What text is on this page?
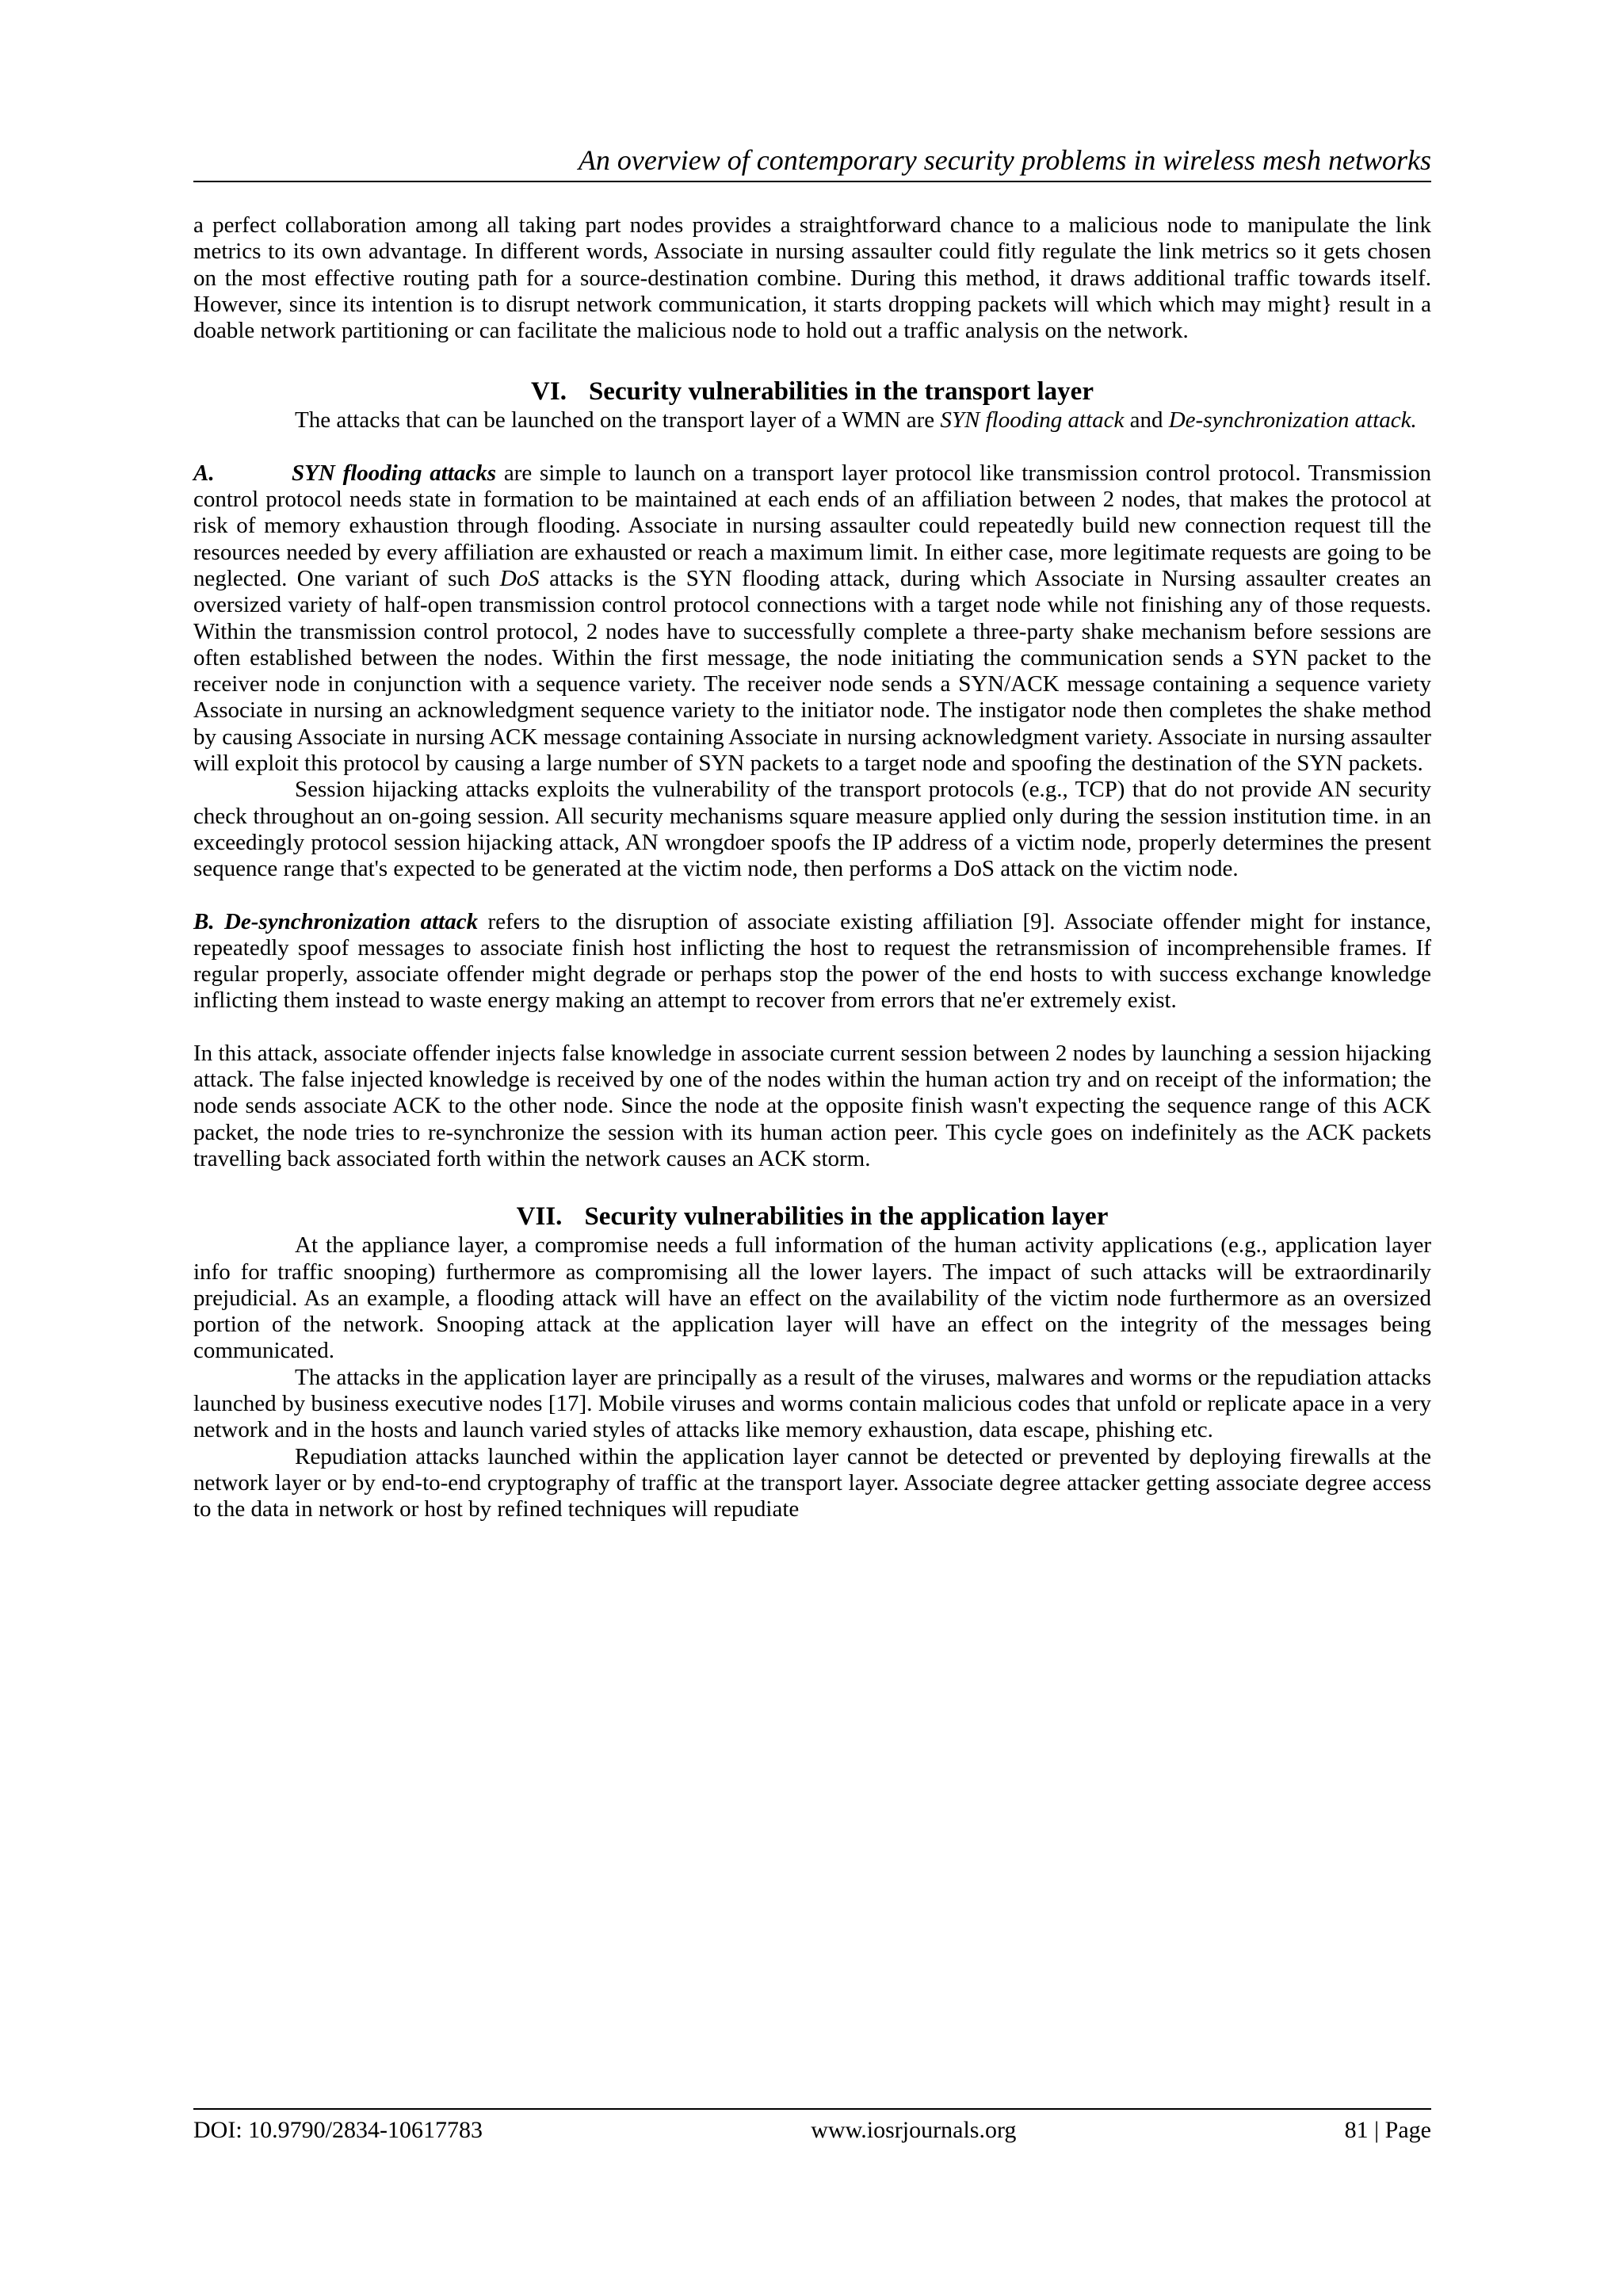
An overview of contemporary security problems in wireless mesh networks

a perfect collaboration among all taking part nodes provides a straightforward chance to a malicious node to manipulate the link metrics to its own advantage. In different words, Associate in nursing assaulter could fitly regulate the link metrics so it gets chosen on the most effective routing path for a source-destination combine. During this method, it draws additional traffic towards itself. However, since its intention is to disrupt network communication, it starts dropping packets will which which may might} result in a doable network partitioning or can facilitate the malicious node to hold out a traffic analysis on the network.

VI. Security vulnerabilities in the transport layer

The attacks that can be launched on the transport layer of a WMN are SYN flooding attack and De-synchronization attack.

A.	SYN flooding attacks are simple to launch on a transport layer protocol like transmission control protocol. Transmission control protocol needs state in formation to be maintained at each ends of an affiliation between 2 nodes, that makes the protocol at risk of memory exhaustion through flooding. Associate in nursing assaulter could repeatedly build new connection request till the resources needed by every affiliation are exhausted or reach a maximum limit. In either case, more legitimate requests are going to be neglected. One variant of such DoS attacks is the SYN flooding attack, during which Associate in Nursing assaulter creates an oversized variety of half-open transmission control protocol connections with a target node while not finishing any of those requests. Within the transmission control protocol, 2 nodes have to successfully complete a three-party shake mechanism before sessions are often established between the nodes. Within the first message, the node initiating the communication sends a SYN packet to the receiver node in conjunction with a sequence variety. The receiver node sends a SYN/ACK message containing a sequence variety Associate in nursing an acknowledgment sequence variety to the initiator node. The instigator node then completes the shake method by causing Associate in nursing ACK message containing Associate in nursing acknowledgment variety. Associate in nursing assaulter will exploit this protocol by causing a large number of SYN packets to a target node and spoofing the destination of the SYN packets.

Session hijacking attacks exploits the vulnerability of the transport protocols (e.g., TCP) that do not provide AN security check throughout an on-going session. All security mechanisms square measure applied only during the session institution time. in an exceedingly protocol session hijacking attack, AN wrongdoer spoofs the IP address of a victim node, properly determines the present sequence range that's expected to be generated at the victim node, then performs a DoS attack on the victim node.

B. De-synchronization attack refers to the disruption of associate existing affiliation [9]. Associate offender might for instance, repeatedly spoof messages to associate finish host inflicting the host to request the retransmission of incomprehensible frames. If regular properly, associate offender might degrade or perhaps stop the power of the end hosts to with success exchange knowledge inflicting them instead to waste energy making an attempt to recover from errors that ne'er extremely exist.

In this attack, associate offender injects false knowledge in associate current session between 2 nodes by launching a session hijacking attack. The false injected knowledge is received by one of the nodes within the human action try and on receipt of the information; the node sends associate ACK to the other node. Since the node at the opposite finish wasn't expecting the sequence range of this ACK packet, the node tries to re-synchronize the session with its human action peer. This cycle goes on indefinitely as the ACK packets travelling back associated forth within the network causes an ACK storm.

VII. Security vulnerabilities in the application layer

At the appliance layer, a compromise needs a full information of the human activity applications (e.g., application layer info for traffic snooping) furthermore as compromising all the lower layers. The impact of such attacks will be extraordinarily prejudicial. As an example, a flooding attack will have an effect on the availability of the victim node furthermore as an oversized portion of the network. Snooping attack at the application layer will have an effect on the integrity of the messages being communicated.

The attacks in the application layer are principally as a result of the viruses, malwares and worms or the repudiation attacks launched by business executive nodes [17]. Mobile viruses and worms contain malicious codes that unfold or replicate apace in a very network and in the hosts and launch varied styles of attacks like memory exhaustion, data escape, phishing etc.

Repudiation attacks launched within the application layer cannot be detected or prevented by deploying firewalls at the network layer or by end-to-end cryptography of traffic at the transport layer. Associate degree attacker getting associate degree access to the data in network or host by refined techniques will repudiate

DOI: 10.9790/2834-10617783	www.iosrjournals.org	81 | Page
